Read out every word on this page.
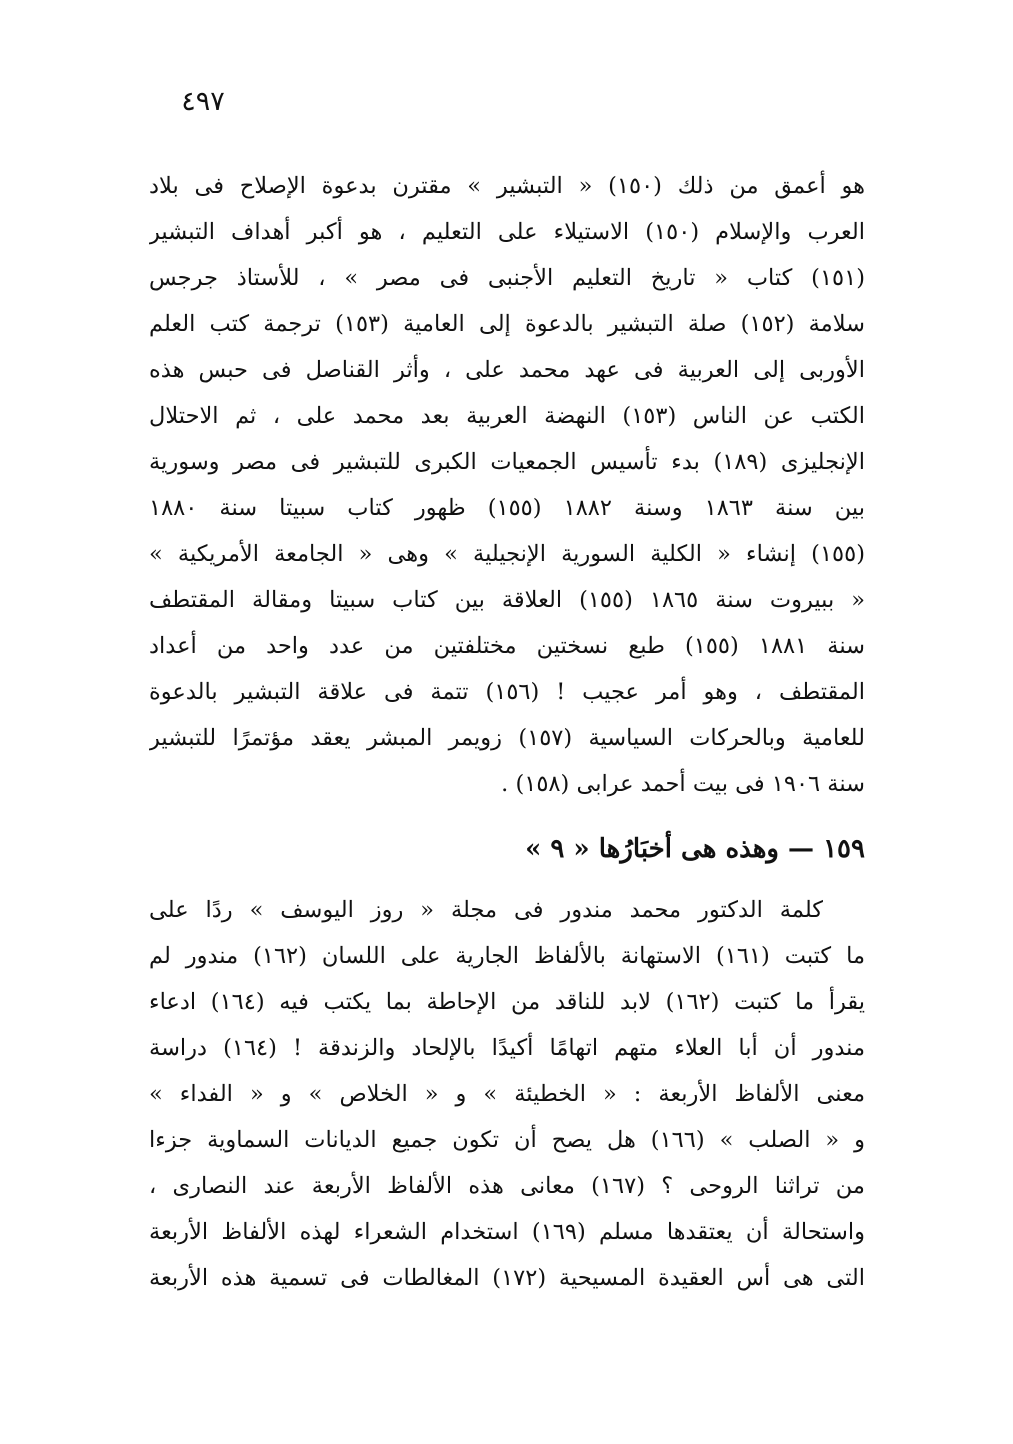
٤٩٧
هو أعمق من ذلك (١٥٠) « التبشير » مقترن بدعوة الإصلاح فى بلاد
العرب والإسلام (١٥٠) الاستيلاء على التعليم ، هو أكبر أهداف التبشير
(١٥١) كتاب « تاريخ التعليم الأجنبى فى مصر » ، للأستاذ جرجس
سلامة (١٥٢) صلة التبشير بالدعوة إلى العامية (١٥٣) ترجمة كتب العلم
الأوربى إلى العربية فى عهد محمد على ، وأثر القناصل فى حبس هذه
الكتب عن الناس (١٥٣) النهضة العربية بعد محمد على ، ثم الاحتلال
الإنجليزى (١٨٩) بدء تأسيس الجمعيات الكبرى للتبشير فى مصر وسورية
بين سنة ١٨٦٣ وسنة ١٨٨٢ (١٥٥) ظهور كتاب سبيتا سنة ١٨٨٠
(١٥٥) إنشاء « الكلية السورية الإنجيلية » وهى « الجامعة الأمريكية »
« ببيروت سنة ١٨٦٥ (١٥٥) العلاقة بين كتاب سبيتا ومقالة المقتطف
سنة ١٨٨١ (١٥٥) طبع نسختين مختلفتين من عدد واحد من أعداد
المقتطف ، وهو أمر عجيب ! (١٥٦) تتمة فى علاقة التبشير بالدعوة
للعامية وبالحركات السياسية (١٥٧) زويمر المبشر يعقد مؤتمرًا للتبشير
سنة ١٩٠٦ فى بيت أحمد عرابى (١٥٨) .
١٥٩ — وهذه هى أخبَارُها « ٩ »
كلمة الدكتور محمد مندور فى مجلة « روز اليوسف » ردًا على
ما كتبت (١٦١) الاستهانة بالألفاظ الجارية على اللسان (١٦٢) مندور لم
يقرأ ما كتبت (١٦٢) لابد للناقد من الإحاطة بما يكتب فيه (١٦٤) ادعاء
مندور أن أبا العلاء متهم اتهامًا أكيدًا بالإلحاد والزندقة ! (١٦٤) دراسة
معنى الألفاظ الأربعة : « الخطيئة » و « الخلاص » و « الفداء »
و « الصلب » (١٦٦) هل يصح أن تكون جميع الديانات السماوية جزءا
من تراثنا الروحى ؟ (١٦٧) معانى هذه الألفاظ الأربعة عند النصارى ،
واستحالة أن يعتقدها مسلم (١٦٩) استخدام الشعراء لهذه الألفاظ الأربعة
التى هى أس العقيدة المسيحية (١٧٢) المغالطات فى تسمية هذه الأربعة
